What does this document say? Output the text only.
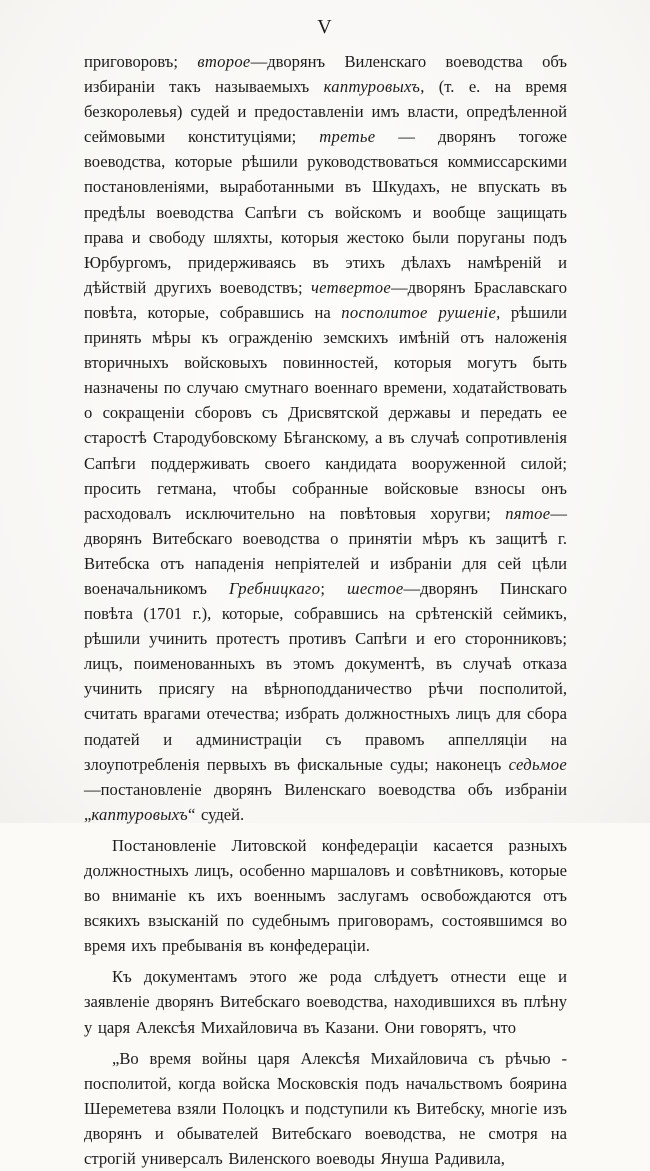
V

приговоровъ; второе—дворянъ Виленскаго воеводства объ избираніи такъ называемыхъ каптуровыхъ, (т. е. на время безкоролевья) судей и предоставленіи имъ власти, опредѣленной сеймовыми конституціями; третье — дворянъ тогоже воеводства, которые рѣшили руководствоваться коммиссарскими постановленіями, выработанными въ Шкудахъ, не впускать въ предѣлы воеводства Сапѣги съ войскомъ и вообще защищать права и свободу шляхты, которыя жестоко были поруганы подъ Юрбургомъ, придерживаясь въ этихъ дѣлахъ намѣреній и дѣйствій другихъ воеводствъ; четвертое—дворянъ Браславскаго повѣта, которые, собравшись на посполитое рушеніе, рѣшили принять мѣры къ огражденію земскихъ имѣній отъ наложенія вторичныхъ войсковыхъ повинностей, которыя могутъ быть назначены по случаю смутнаго военнаго времени, ходатайствовать о сокращеніи сборовъ съ Дрисвятской державы и передать ее старостѣ Стародубовскому Бѣганскому, а въ случаѣ сопротивленія Сапѣги поддерживать своего кандидата вооруженной силой; просить гетмана, чтобы собранные войсковые взносы онъ расходовалъ исключительно на повѣтовыя хоругви; пятое—дворянъ Витебскаго воеводства о принятіи мѣръ къ защитѣ г. Витебска отъ нападенія непріятелей и избраніи для сей цѣли военачальникомъ Гребницкаго; шестое—дворянъ Пинскаго повѣта (1701 г.), которые, собравшись на срѣтенскій сеймикъ, рѣшили учинить протестъ противъ Сапѣги и его сторонниковъ; лицъ, поименованныхъ въ этомъ документѣ, въ случаѣ отказа учинить присягу на вѣрноподданичество рѣчи посполитой, считать врагами отечества; избрать должностныхъ лицъ для сбора податей и администраціи съ правомъ аппелляціи на злоупотребленія первыхъ въ фискальные суды; наконецъ седьмое—постановленіе дворянъ Виленскаго воеводства объ избраніи „каптуровыхъ“ судей.

Постановленіе Литовской конфедераціи касается разныхъ должностныхъ лицъ, особенно маршаловъ и совѣтниковъ, которые во вниманіе къ ихъ военнымъ заслугамъ освобождаются отъ всякихъ взысканій по судебнымъ приговорамъ, состоявшимся во время ихъ пребыванія въ конфедераціи.

Къ документамъ этого же рода слѣдуетъ отнести еще и заявленіе дворянъ Витебскаго воеводства, находившихся въ плѣну у царя Алексѣя Михайловича въ Казани. Они говорятъ, что

„Во время войны царя Алексѣя Михайловича съ рѣчью - посполитой, когда войска Московскія подъ начальствомъ боярина Шереметева взяли Полоцкъ и подступили къ Витебску, многіе изъ дворянъ и обывателей Витебскаго воеводства, не смотря на строгій универсалъ Виленского воеводы Януша Радивила,
